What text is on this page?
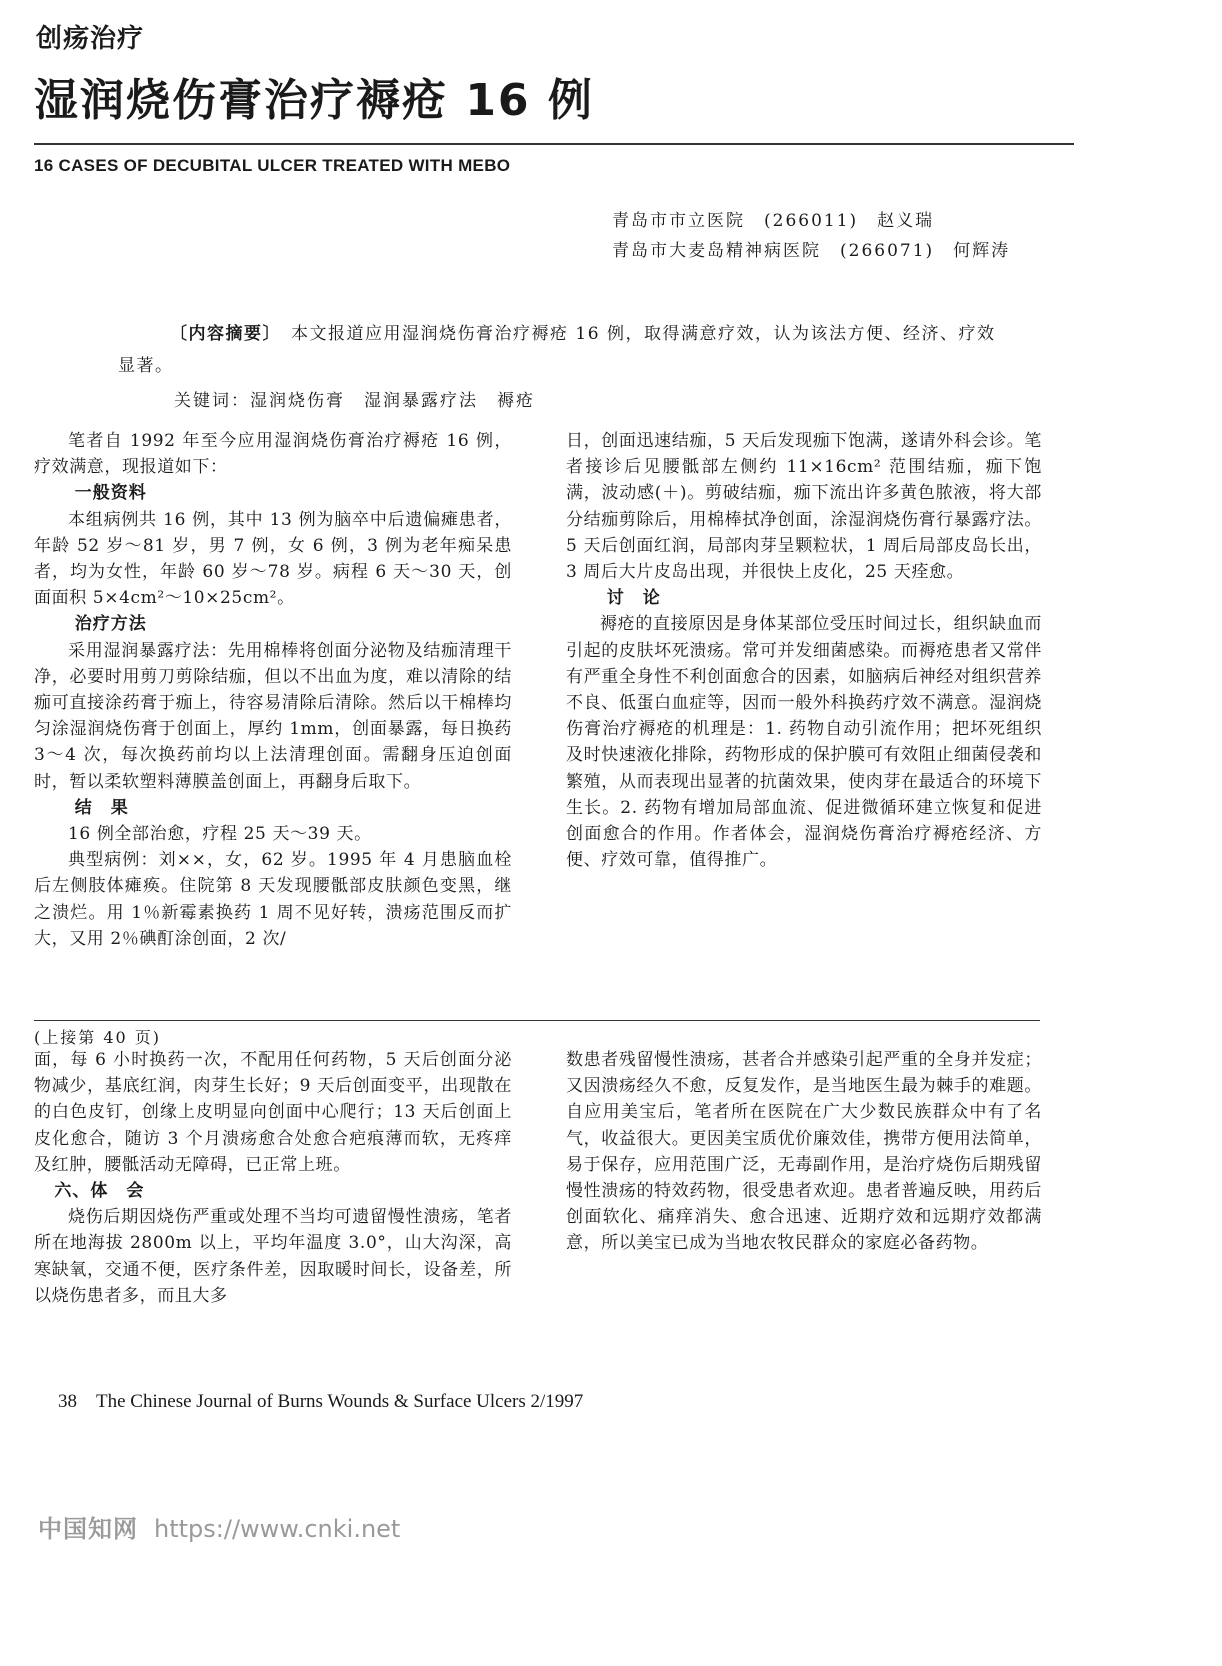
创疡治疗
湿润烧伤膏治疗褥疮 16 例
16 CASES OF DECUBITAL ULCER TREATED WITH MEBO
青岛市市立医院　(266011)　赵义瑞
青岛市大麦岛精神病医院　(266071)　何辉涛
〔内容摘要〕　 本文报道应用湿润烧伤膏治疗褥疮 16 例，取得满意疗效，认为该法方便、经济、疗效显著。
关键词：湿润烧伤膏　湿润暴露疗法　褥疮

笔者自 1992 年至今应用湿润烧伤膏治疗褥疮 16 例，疗效满意，现报道如下：

一般资料

本组病例共 16 例，其中 13 例为脑卒中后遗偏瘫患者，年龄 52 岁～81 岁，男 7 例，女 6 例，3 例为老年痴呆患者，均为女性，年龄 60 岁～78 岁。病程 6 天～30 天，创面面积 5×4cm²～10×25cm²。

治疗方法

采用湿润暴露疗法：先用棉棒将创面分泌物及结痂清理干净，必要时用剪刀剪除结痂，但以不出血为度，难以清除的结痂可直接涂药膏于痂上，待容易清除后清除。然后以干棉棒均匀涂湿润烧伤膏于创面上，厚约 1mm，创面暴露，每日换药 3～4 次，每次换药前均以上法清理创面。需翻身压迫创面时，暂以柔软塑料薄膜盖创面上，再翻身后取下。

结　果

16 例全部治愈，疗程 25 天～39 天。

典型病例：刘××，女，62 岁。1995 年 4 月患脑血栓后左侧肢体瘫痪。住院第 8 天发现腰骶部皮肤颜色变黑，继之溃烂。用 1％新霉素换药 1 周不见好转，溃疡范围反而扩大，又用 2％碘酊涂创面，2 次/

日，创面迅速结痂，5 天后发现痂下饱满，遂请外科会诊。笔者接诊后见腰骶部左侧约 11×16cm² 范围结痂，痂下饱满，波动感(＋)。剪破结痂，痂下流出许多黄色脓液，将大部分结痂剪除后，用棉棒拭净创面，涂湿润烧伤膏行暴露疗法。5 天后创面红润，局部肉芽呈颗粒状，1 周后局部皮岛长出，3 周后大片皮岛出现，并很快上皮化，25 天痊愈。

讨　论

褥疮的直接原因是身体某部位受压时间过长，组织缺血而引起的皮肤坏死溃疡。常可并发细菌感染。而褥疮患者又常伴有严重全身性不利创面愈合的因素，如脑病后神经对组织营养不良、低蛋白血症等，因而一般外科换药疗效不满意。湿润烧伤膏治疗褥疮的机理是：1. 药物自动引流作用；把坏死组织及时快速液化排除，药物形成的保护膜可有效阻止细菌侵袭和繁殖，从而表现出显著的抗菌效果，使肉芽在最适合的环境下生长。2. 药物有增加局部血流、促进微循环建立恢复和促进创面愈合的作用。作者体会，湿润烧伤膏治疗褥疮经济、方便、疗效可靠，值得推广。

(上接第 40 页)

面，每 6 小时换药一次，不配用任何药物，5 天后创面分泌物减少，基底红润，肉芽生长好；9 天后创面变平，出现散在的白色皮钉，创缘上皮明显向创面中心爬行；13 天后创面上皮化愈合，随访 3 个月溃疡愈合处愈合疤痕薄而软，无疼痒及红肿，腰骶活动无障碍，已正常上班。

六、体　会

烧伤后期因烧伤严重或处理不当均可遗留慢性溃疡，笔者所在地海拔 2800m 以上，平均年温度 3.0°，山大沟深，高寒缺氧，交通不便，医疗条件差，因取暖时间长，设备差，所以烧伤患者多，而且大多

数患者残留慢性溃疡，甚者合并感染引起严重的全身并发症；又因溃疡经久不愈，反复发作，是当地医生最为棘手的难题。自应用美宝后，笔者所在医院在广大少数民族群众中有了名气，收益很大。更因美宝质优价廉效佳，携带方便用法简单，易于保存，应用范围广泛，无毒副作用，是治疗烧伤后期残留慢性溃疡的特效药物，很受患者欢迎。患者普遍反映，用药后创面软化、痛痒消失、愈合迅速、近期疗效和远期疗效都满意，所以美宝已成为当地农牧民群众的家庭必备药物。

38　 The Chinese Journal of Burns Wounds & Surface Ulcers 2/1997
中国知网 https://www.cnki.net
